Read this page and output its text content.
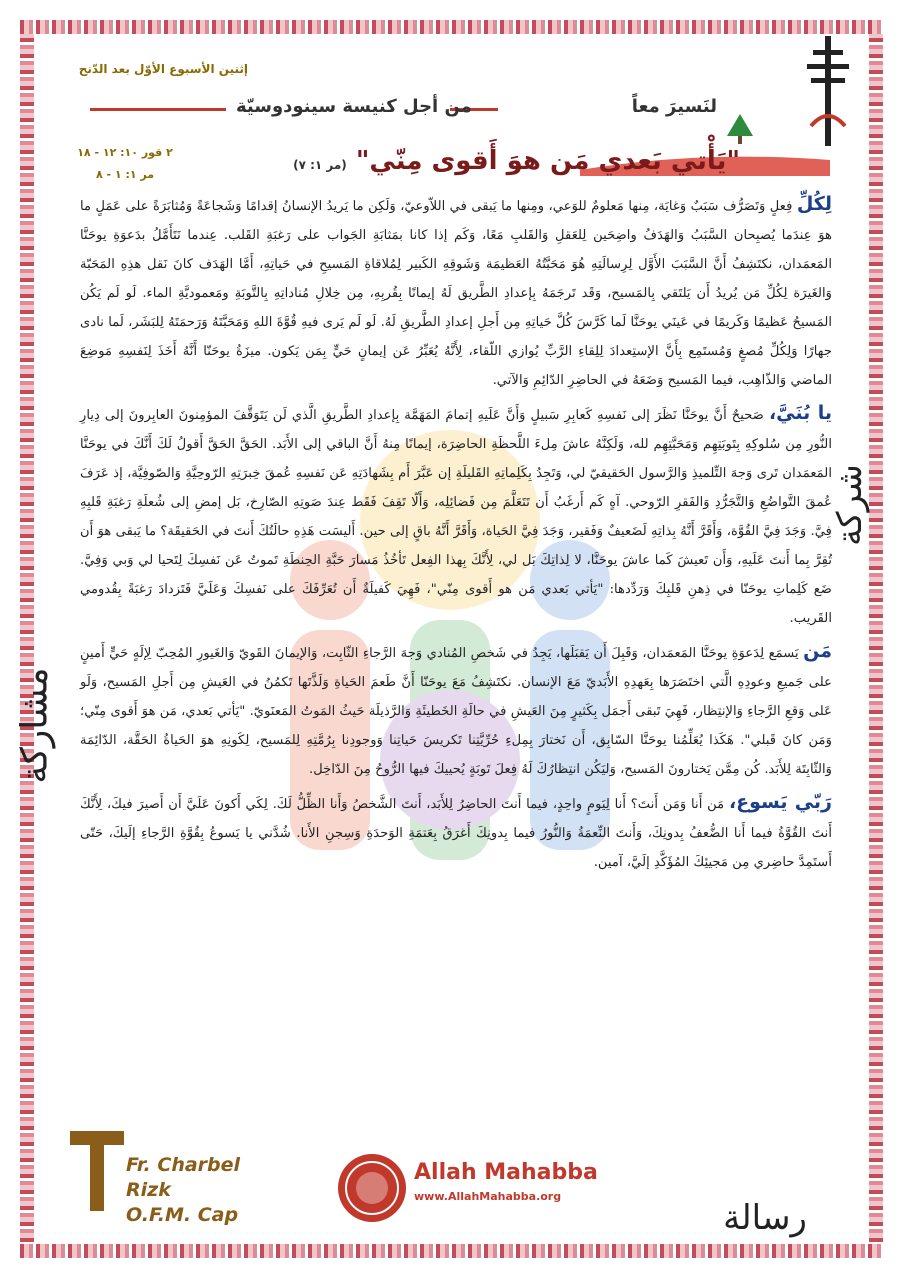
إثنين الأسبوع الأوّل بعد الدّنح
لنَسيرَ معاً
من أجل كنيسة سينودوسيّة
٢ قور ١٠: ١٢ - ١٨
مر ١: ١ - ٨	"يَأْتي بَعدي مَن هوَ أَقوى مِنّي" (مر ١: ٧)
شركة
مشاركة

لِكُلِّ فِعلٍ وَتَصَرُّف سَبَبٌ وَغايَة، مِنها مَعلومٌ للوَعي، ومِنها ما يَبقى في اللاّوعيّ، وَلَكِن ما يَريدُ الإنسانُ إقدامًا وَشَجاعَةً وَمُثابَرَةً على عَمَلٍ ما هوَ عِندَما يُصبِحان السَّبَبُ وَالهَدَفُ واضِحَين لِلعَقلِ وَالقَلبِ مَعًا، وَكَم إذا كانا بمَثابَةِ الجَواب على رَغبَةِ القَلب. عِندما نَتَأَمَّلُ بدَعوَةِ يوحَنَّا المَعمَدان، نكتَشِفُ أَنَّ السَّبَبَ الأَوَّل لِرِسالَتِهِ هُوَ مَحَبَّتُهُ العَظيمَة وَشَوقِهِ الكَبير لِمُلاقاةِ المَسيحِ في حَياتِهِ، أَمَّا الهَدَف كانَ نَقل هذِهِ المَحَبّة وَالغَيرَة لِكُلِّ مَن يُريدُ أَن يَلتَقي بِالمَسيح، وَقَد تَرجَمَهُ بِإعدادِ الطَّريق لَهُ إيمانًا بِقُربِهِ، مِن خِلالِ مُناداتِهِ بِالتَّوبَةِ ومَعموديَّةِ الماء. لَو لَم يَكُن المَسيحُ عَظيمًا وَكَريمًا في عَينَي يوحَنَّا لَما كَرَّسَ كُلَّ حَياتِهِ مِن أَجلِ إعدادِ الطَّريقِ لَهُ. لَو لَم يَرى فيهِ قُوَّةَ اللهِ وَمَحَبَّتَهُ وَرَحمَتَهُ لِلبَشَر، لَما نادى جهارًا وَلِكُلِّ مُصغٍ وَمُستَمِع بِأَنَّ الإستِعدادَ لِلِقاءِ الرَّبِّ يُوازي اللّقاء، لِأَنَّهُ يُعَبِّرُ عَن إيمانٍ حَيٍّ بِمَن يَكون. ميزَةُ يوحَنّا أَنَّهُ أَخَذَ لِنَفسِهِ مَوضِعَ الماضي وَالذّاهِب، فيما المَسيح وَضَعَهُ في الحاضِرِ الدّائِمِ وَالآتي.

يا بُنَيَّ، صَحيحٌ أَنَّ يوحَنَّا نَظَرَ إلى نَفسِهِ كَعابِرِ سَبيلٍ وَأَنَّ عَلَيهِ إتمامَ المَهَمَّة بِإعدادِ الطَّريقِ الَّذي لَن يَتَوَقَّفَ المؤمِنونَ العابِرونَ إلى دِيارِ النُّورِ مِن سُلوكِهِ بِتَوبَتِهِم وَمَحَبَّتِهِم لله، وَلَكِنَّهُ عاشَ مِلءَ اللَّحظَةِ الحاضِرَة، إيمانًا مِنهُ أَنَّ الباقي إلى الأَبَد. الحَقَّ الحَقَّ أَقولُ لَكَ أَنَّكَ في يوحَنَّا المَعمَدان تَرى وَجهَ التِّلميذِ وَالرَّسول الحَقيقيّ لي، وَتَجِدُ بِكَلِماتِهِ القَليلَةِ إن عَبَّرَ أَم بِشَهادَتِهِ عَن نَفسِهِ عُمقَ خِبرَتِهِ الرّوحِيَّةِ وَالصّوفِيَّة، إذ عَرَفَ عُمقَ التَّواضُعِ وَالتَّجَرُّدِ وَالفَقرِ الرّوحي. آهٍ كَم أَرغَبُ أَن تَتَعَلَّمَ مِن فَضائِلِه، وَأَلّا تَقِفَ فَقَط عِندَ صَوتِهِ الصّارِخ، بَل إمضِ إلى شُعلَةِ رَغبَةِ قَلبِهِ فِيَّ. وَجَدَ فِيَّ القُوَّة، وَأَقَرَّ أَنَّهُ بِذاتِهِ لَضَعيفٌ وَفَقير، وَجَدَ فِيَّ الحَياة، وَأَقَرَّ أَنَّهُ باقٍ إلى حين. أَليسَت هَذِهِ حالَتُكَ أَنتَ في الحَقيقَة؟ ما يَبقى هوَ أَن تُقِرَّ بِما أَنتَ عَلَيهِ، وَأَن تَعيشَ كَما عاشَ يوحَنَّا، لا لِذاتِكَ بَل لي، لِأَنَّكَ بِهذا الفِعل تَأخُذُ مَسارَ حَبَّةِ الحِنطَةِ تَموتُ عَن نَفسِكَ لِتَحيا لي وَبي وَفِيَّ. ضَع كَلِماتِ يوحَنّا في ذِهنِ قَلبِكَ وَرَدِّدها: "يَأتي بَعدي مَن هو أَقوى مِنّي"، فَهِيَ كَفيلَةٌ أَن تُعَرِّفَكَ على نَفسِكَ وَعَلَيَّ فَتَزدادَ رَغبَةً بِقُدومي القَريب.

مَن يَسمَع لِدَعوَةِ يوحَنَّا المَعمَدان، وَقَبِلَ أَن يَقبَلَها، يَجِدُ في شَخصِ المُنادي وَجهَ الرَّجاءِ الثّابِت، وَالإيمانَ القَويّ وَالغَيورِ المُحِبّ لِإلَهٍ حَيٍّ أَمينٍ على جَميعِ وعودِهِ الَّتي اختَصَرَها بِعَهدِهِ الأَبَديّ مَعَ الإنسان. نكتَشِفُ مَعَ يوحَنّا أَنَّ طَعمَ الحَياةِ وَلَذَّتَها تَكمُنُ في العَيشِ مِن أَجلِ المَسيح، وَلَو عَلى وَقعِ الرَّجاءِ وَالإنتِظار، فَهِيَ تَبقى أَجمَل بِكَثيرٍ مِنَ العَيشِ في حالَةِ الخَطيئَةِ وَالرَّذيلَة حَيثُ المَوتُ المَعنَويّ. "يَأتي بَعدي، مَن هوَ أَقوى مِنّي؛ وَمَن كانَ قَبلي". هَكَذا يُعَلِّمُنا يوحَنَّا السّابِق، أَن نَختارَ بِمِلءِ حُرِّيَّتِنا تَكريسَ حَياتِنا وَوجودِنا بِرُمَّتِهِ لِلمَسيح، لِكَونِهِ هوَ الحَياةُ الحَقَّة، الدّائِمَة وَالثّابِتَة لِلأَبَد. كُن مِمَّن يَختارونَ المَسيح، وَليَكُن انتِظارُكَ لَهُ فِعلَ تَوبَةٍ يُحييكَ فيها الرُّوحُ مِنَ الدّاخِل.

رَبّي يَسوع، مَن أَنا وَمَن أَنتَ؟ أَنا لِيَومٍ واحِدٍ، فيما أَنتَ الحاضِرُ لِلأَبَد، أَنتَ الشَّخصُ وَأَنا الظِّلُّ لَكَ. لِكَي أَكونَ عَلَيَّ أَن أَصيرَ فيكَ، لِأَنَّكَ أَنتَ القُوَّةُ فيما أَنا الضُّعفُ بِدونِكَ، وَأَنتَ النِّعمَةُ وَالنُّورُ فيما بِدونِكَ أَغرَقُ بِعَتمَةِ الوَحدَةِ وَسِجنِ الأَنا. شُدَّني يا يَسوعُ بِقُوَّةِ الرَّجاءِ إلَيكَ، حَتّى أَستَمِدَّ حاضِري مِن مَجيئِكَ المُؤَكَّدِ إلَيَّ، آمين.

Fr. Charbel Rizk
O.F.M. Cap
Allah Mahabba
www.AllahMahabba.org
رسالة
